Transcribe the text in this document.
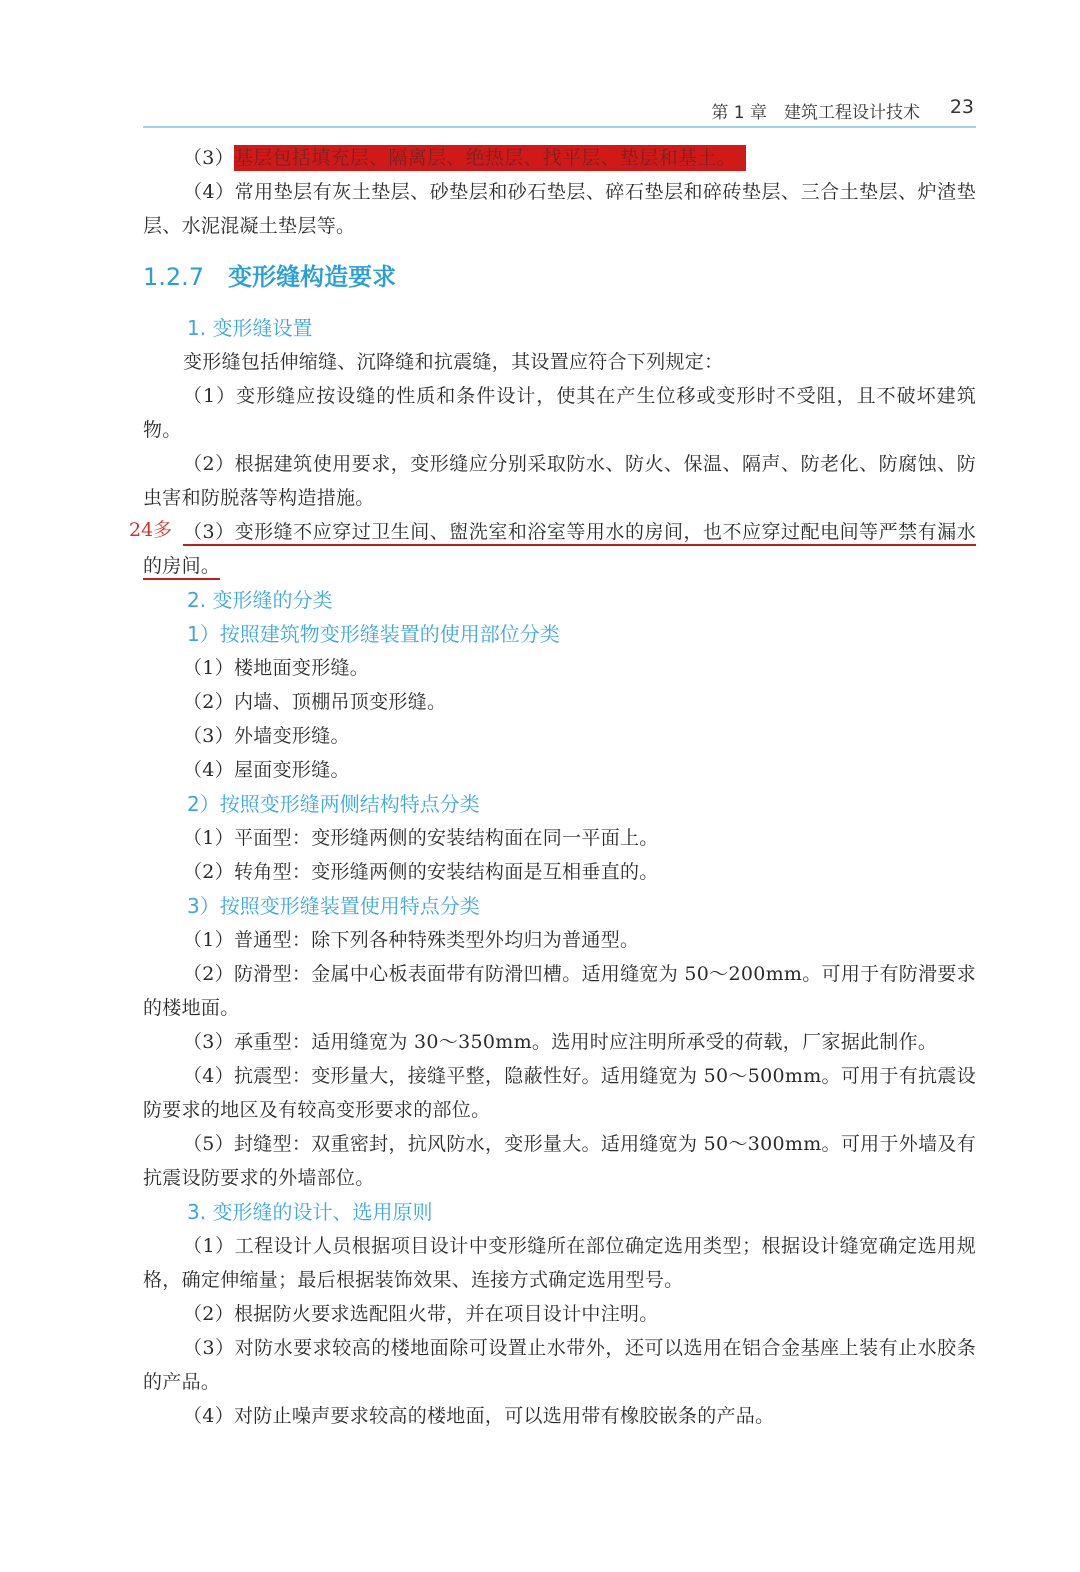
第 1 章　建筑工程设计技术 23

（3）基层包括填充层、隔离层、绝热层、找平层、垫层和基土。

（4）常用垫层有灰土垫层、砂垫层和砂石垫层、碎石垫层和碎砖垫层、三合土垫层、炉渣垫层、水泥混凝土垫层等。

1.2.7 变形缝构造要求
1. 变形缝设置

变形缝包括伸缩缝、沉降缝和抗震缝，其设置应符合下列规定：

（1）变形缝应按设缝的性质和条件设计，使其在产生位移或变形时不受阻，且不破坏建筑物。

（2）根据建筑使用要求，变形缝应分别采取防水、防火、保温、隔声、防老化、防腐蚀、防虫害和防脱落等构造措施。

24多 （3）变形缝不应穿过卫生间、盥洗室和浴室等用水的房间，也不应穿过配电间等严禁有漏水的房间。

2. 变形缝的分类
1）按照建筑物变形缝装置的使用部位分类

（1）楼地面变形缝。

（2）内墙、顶棚吊顶变形缝。

（3）外墙变形缝。

（4）屋面变形缝。

2）按照变形缝两侧结构特点分类

（1）平面型：变形缝两侧的安装结构面在同一平面上。

（2）转角型：变形缝两侧的安装结构面是互相垂直的。

3）按照变形缝装置使用特点分类

（1）普通型：除下列各种特殊类型外均归为普通型。

（2）防滑型：金属中心板表面带有防滑凹槽。适用缝宽为 50～200mm。可用于有防滑要求的楼地面。

（3）承重型：适用缝宽为 30～350mm。选用时应注明所承受的荷载，厂家据此制作。

（4）抗震型：变形量大，接缝平整，隐蔽性好。适用缝宽为 50～500mm。可用于有抗震设防要求的地区及有较高变形要求的部位。

（5）封缝型：双重密封，抗风防水，变形量大。适用缝宽为 50～300mm。可用于外墙及有抗震设防要求的外墙部位。

3. 变形缝的设计、选用原则

（1）工程设计人员根据项目设计中变形缝所在部位确定选用类型；根据设计缝宽确定选用规格，确定伸缩量；最后根据装饰效果、连接方式确定选用型号。

（2）根据防火要求选配阻火带，并在项目设计中注明。

（3）对防水要求较高的楼地面除可设置止水带外，还可以选用在铝合金基座上装有止水胶条的产品。

（4）对防止噪声要求较高的楼地面，可以选用带有橡胶嵌条的产品。
